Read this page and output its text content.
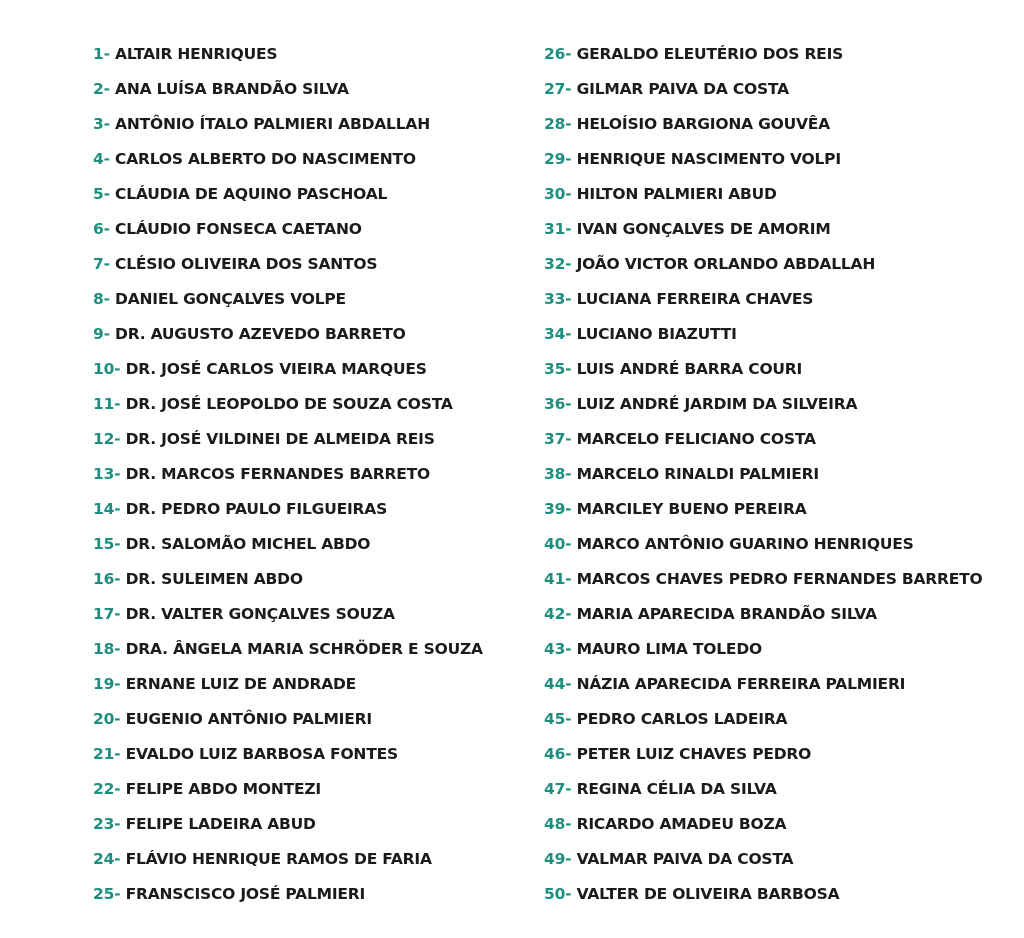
1- ALTAIR HENRIQUES
2- ANA LUÍSA BRANDÃO SILVA
3- ANTÔNIO ÍTALO PALMIERI ABDALLAH
4- CARLOS ALBERTO DO NASCIMENTO
5- CLÁUDIA DE AQUINO PASCHOAL
6- CLÁUDIO FONSECA CAETANO
7- CLÉSIO OLIVEIRA DOS SANTOS
8- DANIEL GONÇALVES VOLPE
9- DR. AUGUSTO AZEVEDO BARRETO
10- DR. JOSÉ CARLOS VIEIRA MARQUES
11- DR. JOSÉ LEOPOLDO DE SOUZA COSTA
12- DR. JOSÉ VILDINEI DE ALMEIDA REIS
13- DR. MARCOS FERNANDES BARRETO
14- DR. PEDRO PAULO FILGUEIRAS
15- DR. SALOMÃO MICHEL ABDO
16- DR. SULEIMEN ABDO
17- DR. VALTER GONÇALVES SOUZA
18- DRA. ÂNGELA MARIA SCHRÖDER E SOUZA
19- ERNANE LUIZ DE ANDRADE
20- EUGENIO ANTÔNIO PALMIERI
21- EVALDO LUIZ BARBOSA FONTES
22- FELIPE ABDO MONTEZI
23- FELIPE LADEIRA ABUD
24- FLÁVIO HENRIQUE RAMOS DE FARIA
25- FRANSCISCO JOSÉ PALMIERI
26- GERALDO ELEUTÉRIO DOS REIS
27- GILMAR PAIVA DA COSTA
28- HELOÍSIO BARGIONA GOUVÊA
29- HENRIQUE NASCIMENTO VOLPI
30- HILTON PALMIERI ABUD
31- IVAN GONÇALVES DE AMORIM
32- JOÃO VICTOR ORLANDO ABDALLAH
33- LUCIANA FERREIRA CHAVES
34- LUCIANO BIAZUTTI
35- LUIS ANDRÉ BARRA COURI
36- LUIZ ANDRÉ JARDIM DA SILVEIRA
37- MARCELO FELICIANO COSTA
38- MARCELO RINALDI PALMIERI
39- MARCILEY BUENO PEREIRA
40- MARCO ANTÔNIO GUARINO HENRIQUES
41- MARCOS CHAVES PEDRO FERNANDES BARRETO
42- MARIA APARECIDA BRANDÃO SILVA
43- MAURO LIMA TOLEDO
44- NÁZIA APARECIDA FERREIRA PALMIERI
45- PEDRO CARLOS LADEIRA
46- PETER LUIZ CHAVES PEDRO
47- REGINA CÉLIA DA SILVA
48- RICARDO AMADEU BOZA
49- VALMAR PAIVA DA COSTA
50- VALTER DE OLIVEIRA BARBOSA
